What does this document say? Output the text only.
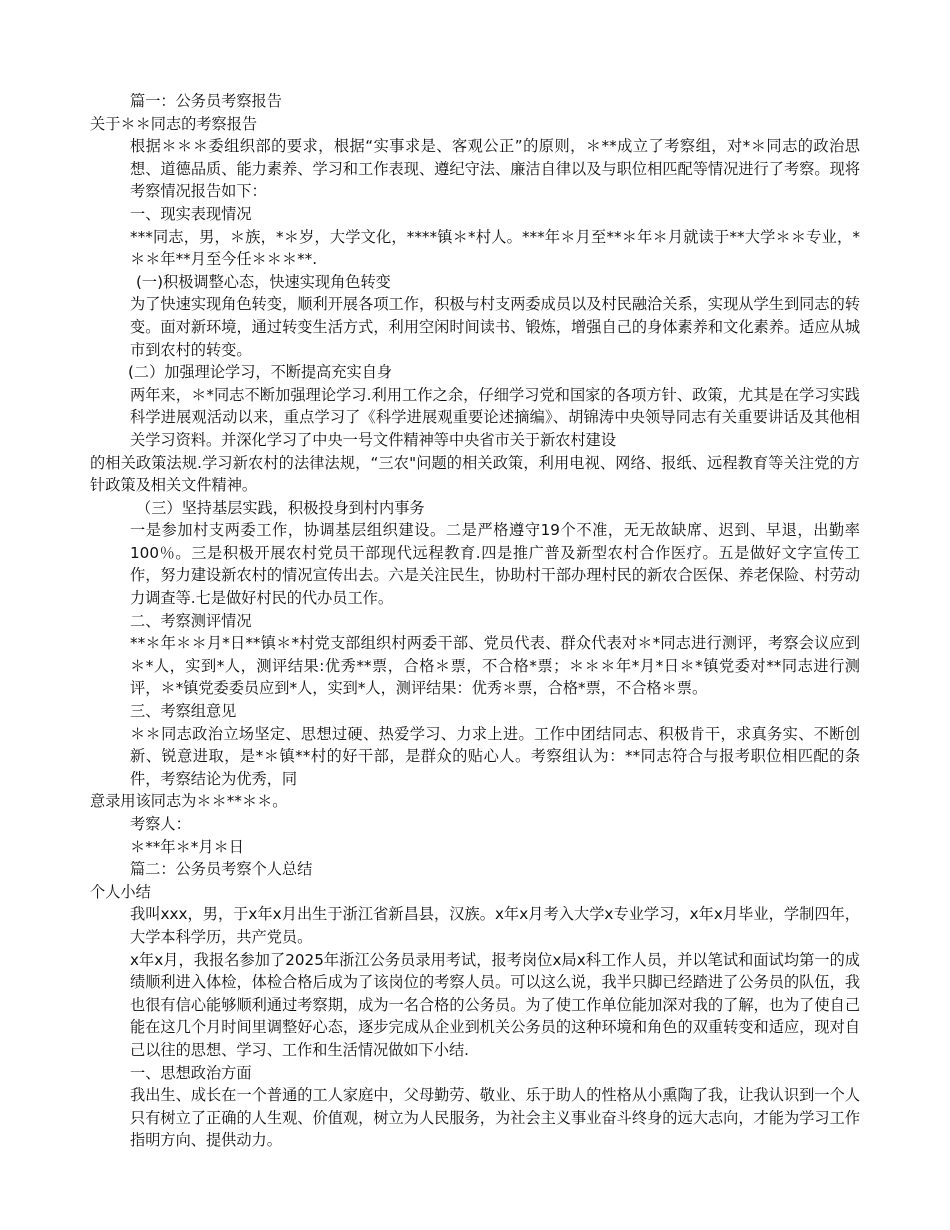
篇一：公务员考察报告
关于＊＊同志的考察报告

根据＊＊＊委组织部的要求，根据“实事求是、客观公正”的原则，＊**成立了考察组，对*＊同志的政治思想、道德品质、能力素养、学习和工作表现、遵纪守法、廉洁自律以及与职位相匹配等情况进行了考察。现将考察情况报告如下：

一、现实表现情况

***同志，男，＊族，*＊岁，大学文化，****镇＊*村人。***年＊月至**＊年＊月就读于**大学＊＊专业，*＊＊年**月至今任＊＊＊**.

(一)积极调整心态，快速实现角色转变

为了快速实现角色转变，顺利开展各项工作，积极与村支两委成员以及村民融洽关系，实现从学生到同志的转变。面对新环境，通过转变生活方式，利用空闲时间读书、锻炼，增强自己的身体素养和文化素养。适应从城市到农村的转变。

(二）加强理论学习，不断提高充实自身

两年来，＊*同志不断加强理论学习.利用工作之余，仔细学习党和国家的各项方针、政策，尤其是在学习实践科学进展观活动以来，重点学习了《科学进展观重要论述摘编》、胡锦涛中央领导同志有关重要讲话及其他相关学习资料。并深化学习了中央一号文件精神等中央省市关于新农村建设

的相关政策法规.学习新农村的法律法规，“三农"问题的相关政策，利用电视、网络、报纸、远程教育等关注党的方针政策及相关文件精神。

（三）坚持基层实践，积极投身到村内事务

一是参加村支两委工作，协调基层组织建设。二是严格遵守19个不准，无无故缺席、迟到、早退，出勤率100％。三是积极开展农村党员干部现代远程教育.四是推广普及新型农村合作医疗。五是做好文字宣传工作，努力建设新农村的情况宣传出去。六是关注民生，协助村干部办理村民的新农合医保、养老保险、村劳动力调查等.七是做好村民的代办员工作。

二、考察测评情况

**＊年＊＊月*日**镇＊*村党支部组织村两委干部、党员代表、群众代表对＊*同志进行测评，考察会议应到＊*人，实到*人，测评结果:优秀**票，合格＊票，不合格*票；＊＊＊年*月*日＊*镇党委对**同志进行测评，＊*镇党委委员应到*人，实到*人，测评结果：优秀＊票，合格*票，不合格＊票。

三、考察组意见

＊＊同志政治立场坚定、思想过硬、热爱学习、力求上进。工作中团结同志、积极肯干，求真务实、不断创新、锐意进取，是*＊镇**村的好干部，是群众的贴心人。考察组认为：**同志符合与报考职位相匹配的条件，考察结论为优秀，同

意录用该同志为＊＊**＊＊。
考察人：
＊**年＊*月＊日
篇二：公务员考察个人总结
个人小结

我叫xxx，男，于x年x月出生于浙江省新昌县，汉族。x年x月考入大学x专业学习，x年x月毕业，学制四年，大学本科学历，共产党员。

x年x月，我报名参加了2025年浙江公务员录用考试，报考岗位x局x科工作人员，并以笔试和面试均第一的成绩顺利进入体检，体检合格后成为了该岗位的考察人员。可以这么说，我半只脚已经踏进了公务员的队伍，我也很有信心能够顺利通过考察期，成为一名合格的公务员。为了使工作单位能加深对我的了解，也为了使自己能在这几个月时间里调整好心态，逐步完成从企业到机关公务员的这种环境和角色的双重转变和适应，现对自己以往的思想、学习、工作和生活情况做如下小结.

一、思想政治方面

我出生、成长在一个普通的工人家庭中，父母勤劳、敬业、乐于助人的性格从小熏陶了我，让我认识到一个人只有树立了正确的人生观、价值观，树立为人民服务，为社会主义事业奋斗终身的远大志向，才能为学习工作指明方向、提供动力。
